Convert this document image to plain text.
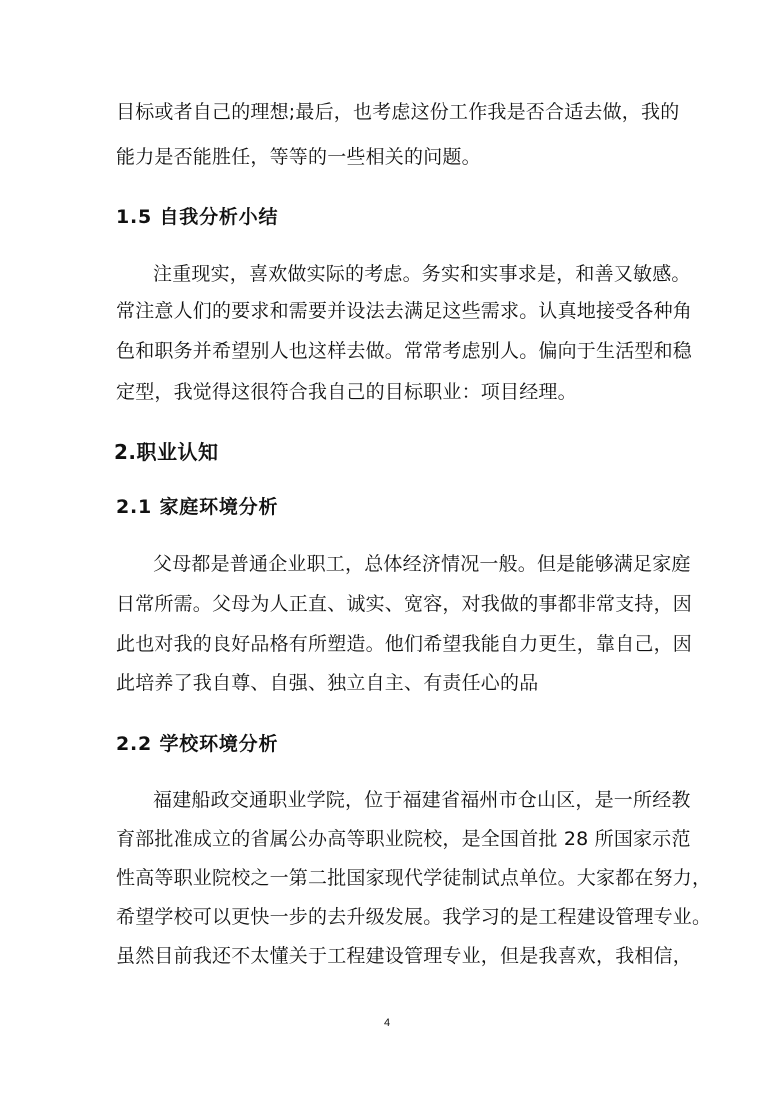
目标或者自己的理想;最后，也考虑这份工作我是否合适去做，我的
能力是否能胜任，等等的一些相关的问题。
1.5 自我分析小结
注重现实，喜欢做实际的考虑。务实和实事求是，和善又敏感。
常注意人们的要求和需要并设法去满足这些需求。认真地接受各种角
色和职务并希望别人也这样去做。常常考虑别人。偏向于生活型和稳
定型，我觉得这很符合我自己的目标职业：项目经理。
2.职业认知
2.1 家庭环境分析
父母都是普通企业职工，总体经济情况一般。但是能够满足家庭
日常所需。父母为人正直、诚实、宽容，对我做的事都非常支持，因
此也对我的良好品格有所塑造。他们希望我能自力更生，靠自己，因
此培养了我自尊、自强、独立自主、有责任心的品
2.2 学校环境分析
福建船政交通职业学院，位于福建省福州市仓山区，是一所经教
育部批准成立的省属公办高等职业院校，是全国首批 28 所国家示范
性高等职业院校之一第二批国家现代学徒制试点单位。大家都在努力，
希望学校可以更快一步的去升级发展。我学习的是工程建设管理专业。
虽然目前我还不太懂关于工程建设管理专业，但是我喜欢，我相信，
4
